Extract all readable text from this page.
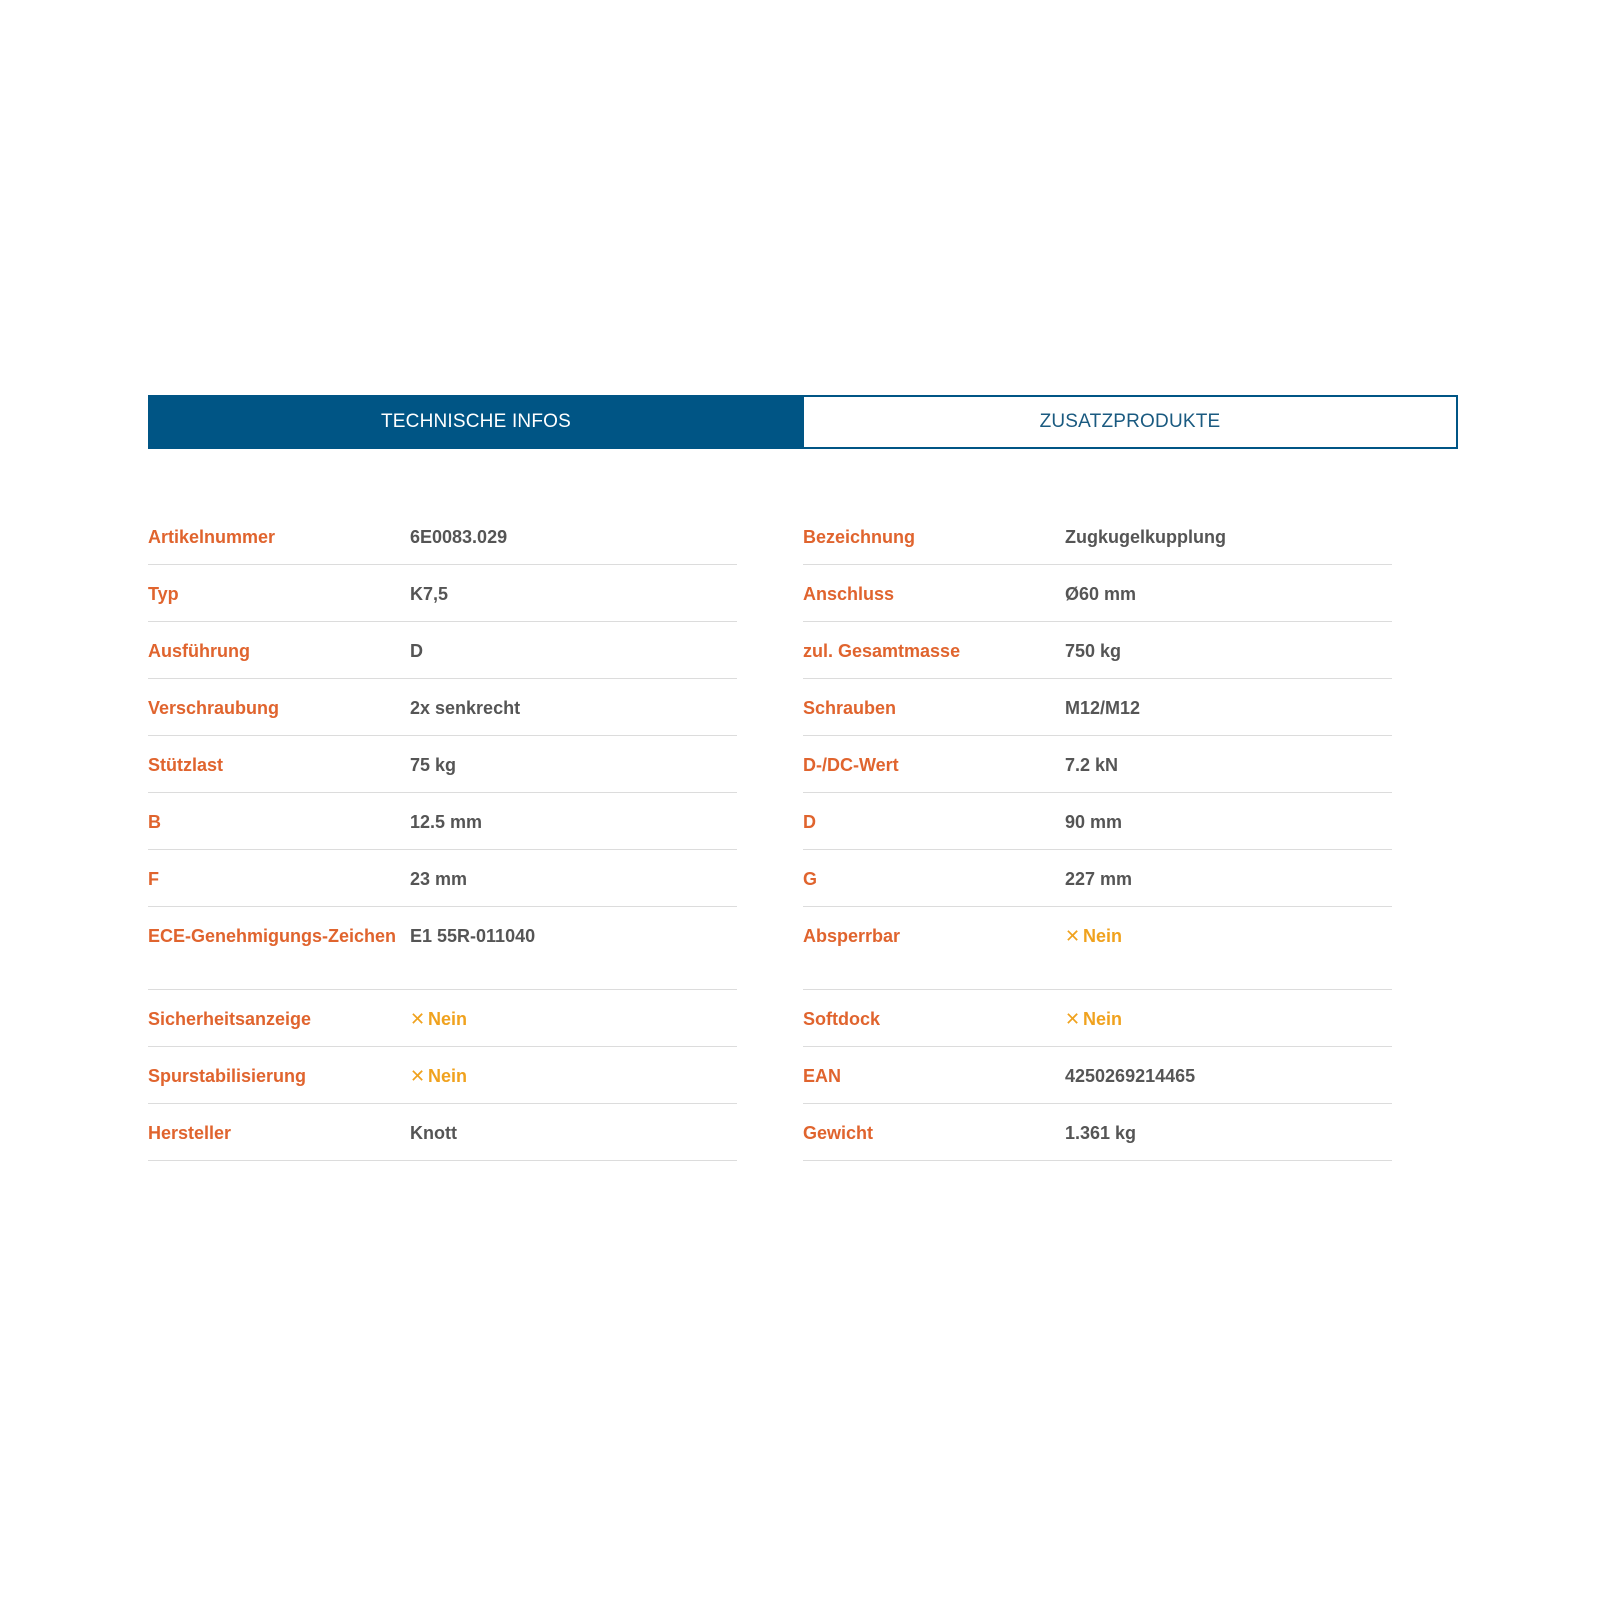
TECHNISCHE INFOS	ZUSATZPRODUKTE
Artikelnummer	6E0083.029
Typ	K7,5
Ausführung	D
Verschraubung	2x senkrecht
Stützlast	75 kg
B	12.5 mm
F	23 mm
ECE-Genehmigungs-Zeichen E1 55R-011040
Sicherheitsanzeige	✕ Nein
Spurstabilisierung	✕ Nein
Hersteller	Knott
Bezeichnung	Zugkugelkupplung
Anschluss	Ø60 mm
zul. Gesamtmasse	750 kg
Schrauben	M12/M12
D-/DC-Wert	7.2 kN
D	90 mm
G	227 mm
Absperrbar	✕ Nein
Softdock	✕ Nein
EAN	4250269214465
Gewicht	1.361 kg
